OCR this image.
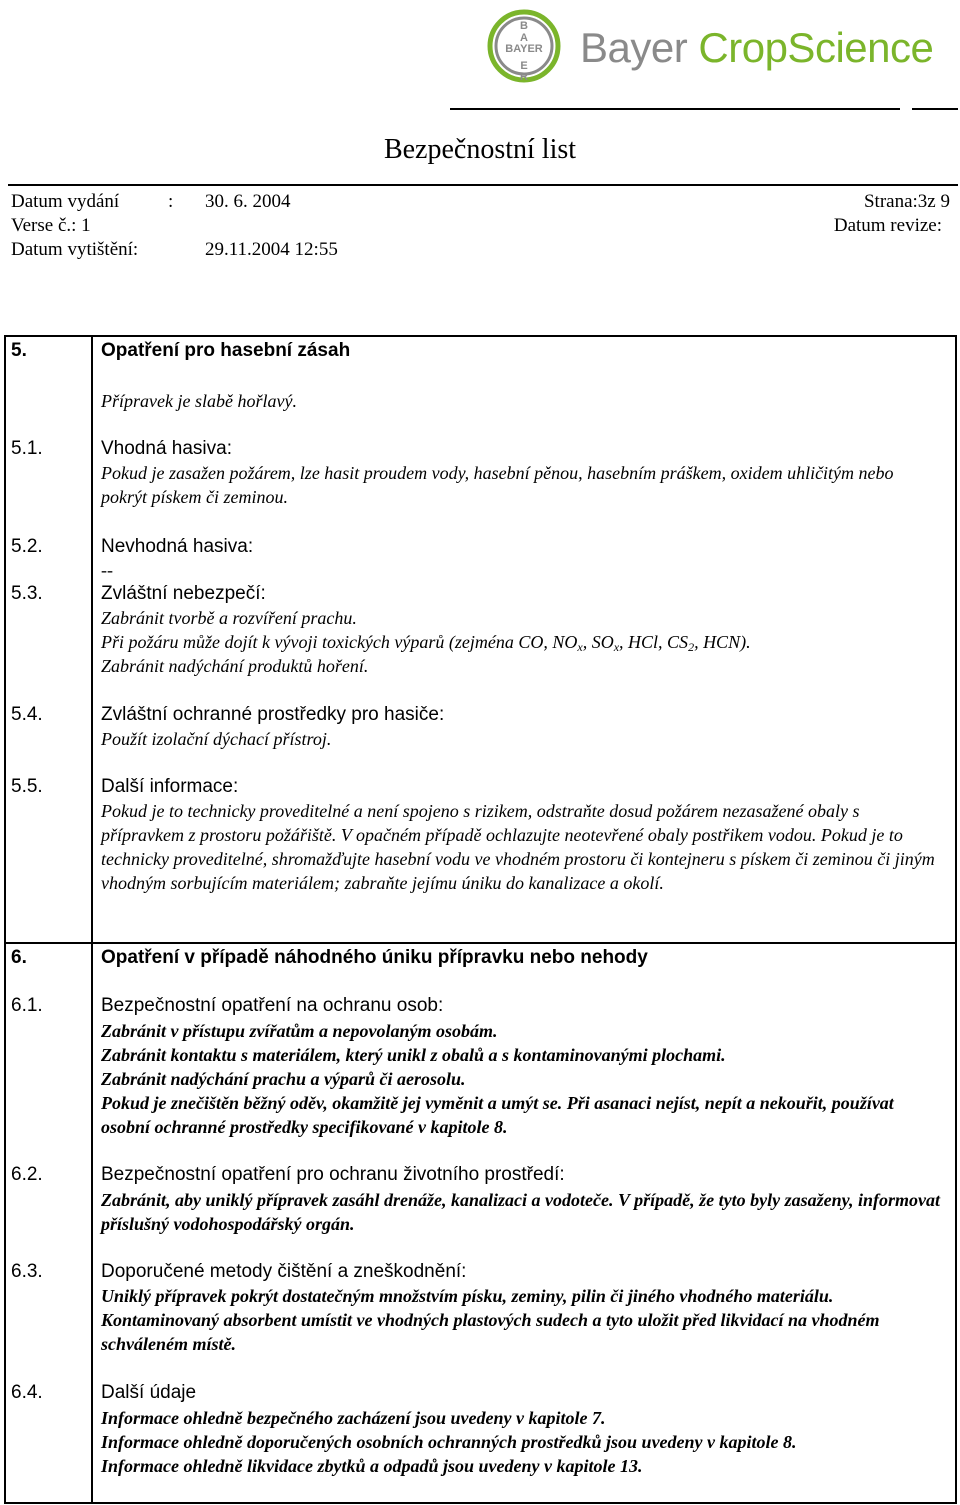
B
A
E
R
BAYER Bayer CropScience
Bezpečnostní list
Datum vydání	: 30. 6. 2004	Strana:3z 9
Verse č.: 1	Datum revize:
Datum vytištění:	29.11.2004 12:55
5.	Opatření pro hasební zásah
Přípravek je slabě hořlavý.
5.1.	Vhodná hasiva:
Pokud je zasažen požárem, lze hasit proudem vody, hasební pěnou, hasebním práškem, oxidem uhličitým nebo pokrýt pískem či zeminou.
5.2.	Nevhodná hasiva:
--
5.3.	Zvláštní nebezpečí:
Zabránit tvorbě a rozvíření prachu.
Při požáru může dojít k vývoji toxických výparů (zejména CO, $NO_x$, $SO_x$, HCl, $CS_2$, HCN).
Zabránit nadýchání produktů hoření.
5.4.	Zvláštní ochranné prostředky pro hasiče:
Použít izolační dýchací přístroj.
5.5.	Další informace:
Pokud je to technicky proveditelné a není spojeno s rizikem, odstraňte dosud požárem nezasažené obaly s přípravkem z prostoru požářiště. V opačném případě ochlazujte neotevřené obaly postřikem vodou. Pokud je to technicky proveditelné, shromažďujte hasební vodu ve vhodném prostoru či kontejneru s pískem či zeminou či jiným vhodným sorbujícím materiálem; zabraňte jejímu úniku do kanalizace a okolí.
6.	Opatření v případě náhodného úniku přípravku nebo nehody
6.1.	Bezpečnostní opatření na ochranu osob:
Zabránit v přístupu zvířatům a nepovolaným osobám.
Zabránit kontaktu s materiálem, který unikl z obalů a s kontaminovanými plochami.
Zabránit nadýchání prachu a výparů či aerosolu.
Pokud je znečištěn běžný oděv, okamžitě jej vyměnit a umýt se. Při asanaci nejíst, nepít a nekouřit, používat osobní ochranné prostředky specifikované v kapitole 8.
6.2.	Bezpečnostní opatření pro ochranu životního prostředí:
Zabránit, aby uniklý přípravek zasáhl drenáže, kanalizaci a vodoteče. V případě, že tyto byly zasaženy, informovat příslušný vodohospodářský orgán.
6.3.	Doporučené metody čištění a zneškodnění:
Uniklý přípravek pokrýt dostatečným množstvím písku, zeminy, pilin či jiného vhodného materiálu. Kontaminovaný absorbent umístit ve vhodných plastových sudech a tyto uložit před likvidací na vhodném schváleném místě.
6.4.	Další údaje
Informace ohledně bezpečného zacházení jsou uvedeny v kapitole 7.
Informace ohledně doporučených osobních ochranných prostředků jsou uvedeny v kapitole 8.
Informace ohledně likvidace zbytků a odpadů jsou uvedeny v kapitole 13.
